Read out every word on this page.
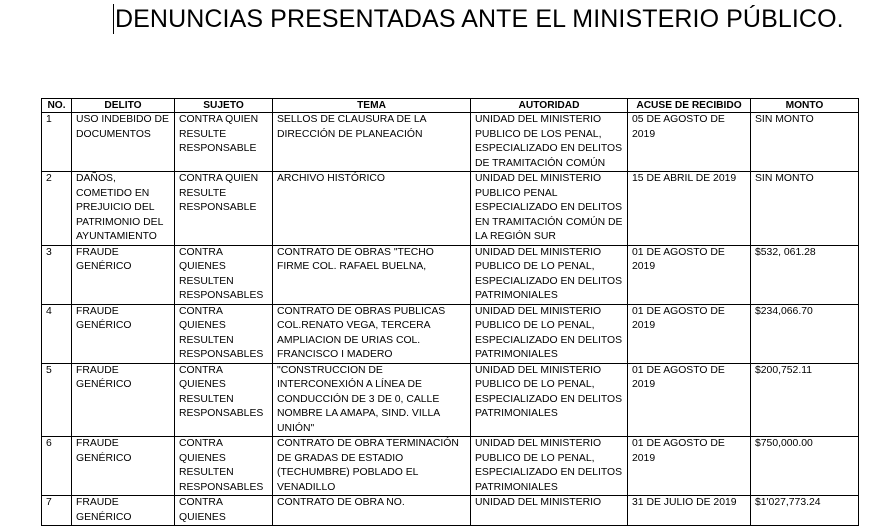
DENUNCIAS PRESENTADAS ANTE EL MINISTERIO PÚBLICO.
NO.	DELITO	SUJETO	TEMA	AUTORIDAD	ACUSE DE RECIBIDO	MONTO
1	USO INDEBIDO DE DOCUMENTOS	CONTRA QUIEN RESULTE RESPONSABLE	SELLOS DE CLAUSURA DE LA DIRECCIÓN DE PLANEACIÓN	UNIDAD DEL MINISTERIO PUBLICO DE LOS PENAL, ESPECIALIZADO EN DELITOS DE TRAMITACIÓN COMÚN	05 DE AGOSTO DE 2019	SIN MONTO
2	DAÑOS, COMETIDO EN PREJUICIO DEL PATRIMONIO DEL AYUNTAMIENTO	CONTRA QUIEN RESULTE RESPONSABLE	ARCHIVO HISTÓRICO	UNIDAD DEL MINISTERIO PUBLICO PENAL ESPECIALIZADO EN DELITOS EN TRAMITACIÓN COMÚN DE LA REGIÓN SUR	15 DE ABRIL DE 2019	SIN MONTO
3	FRAUDE GENÉRICO	CONTRA QUIENES RESULTEN RESPONSABLES	CONTRATO DE OBRAS "TECHO FIRME COL. RAFAEL BUELNA,	UNIDAD DEL MINISTERIO PUBLICO DE LO PENAL, ESPECIALIZADO EN DELITOS PATRIMONIALES	01 DE AGOSTO DE 2019	$532, 061.28
4	FRAUDE GENÉRICO	CONTRA QUIENES RESULTEN RESPONSABLES	CONTRATO DE OBRAS PUBLICAS COL.RENATO VEGA, TERCERA AMPLIACION DE URIAS COL. FRANCISCO I MADERO	UNIDAD DEL MINISTERIO PUBLICO DE LO PENAL, ESPECIALIZADO EN DELITOS PATRIMONIALES	01 DE AGOSTO DE 2019	$234,066.70
5	FRAUDE GENÉRICO	CONTRA QUIENES RESULTEN RESPONSABLES	"CONSTRUCCION DE INTERCONEXIÓN A LÍNEA DE CONDUCCIÓN DE 3 DE 0, CALLE NOMBRE LA AMAPA, SIND. VILLA UNIÓN"	UNIDAD DEL MINISTERIO PUBLICO DE LO PENAL, ESPECIALIZADO EN DELITOS PATRIMONIALES	01 DE AGOSTO DE 2019	$200,752.11
6	FRAUDE GENÉRICO	CONTRA QUIENES RESULTEN RESPONSABLES	CONTRATO DE OBRA TERMINACIÓN DE GRADAS DE ESTADIO (TECHUMBRE) POBLADO EL VENADILLO	UNIDAD DEL MINISTERIO PUBLICO DE LO PENAL, ESPECIALIZADO EN DELITOS PATRIMONIALES	01 DE AGOSTO DE 2019	$750,000.00
7	FRAUDE GENÉRICO	CONTRA QUIENES	CONTRATO DE OBRA NO.	UNIDAD DEL MINISTERIO	31 DE JULIO DE 2019	$1'027,773.24
